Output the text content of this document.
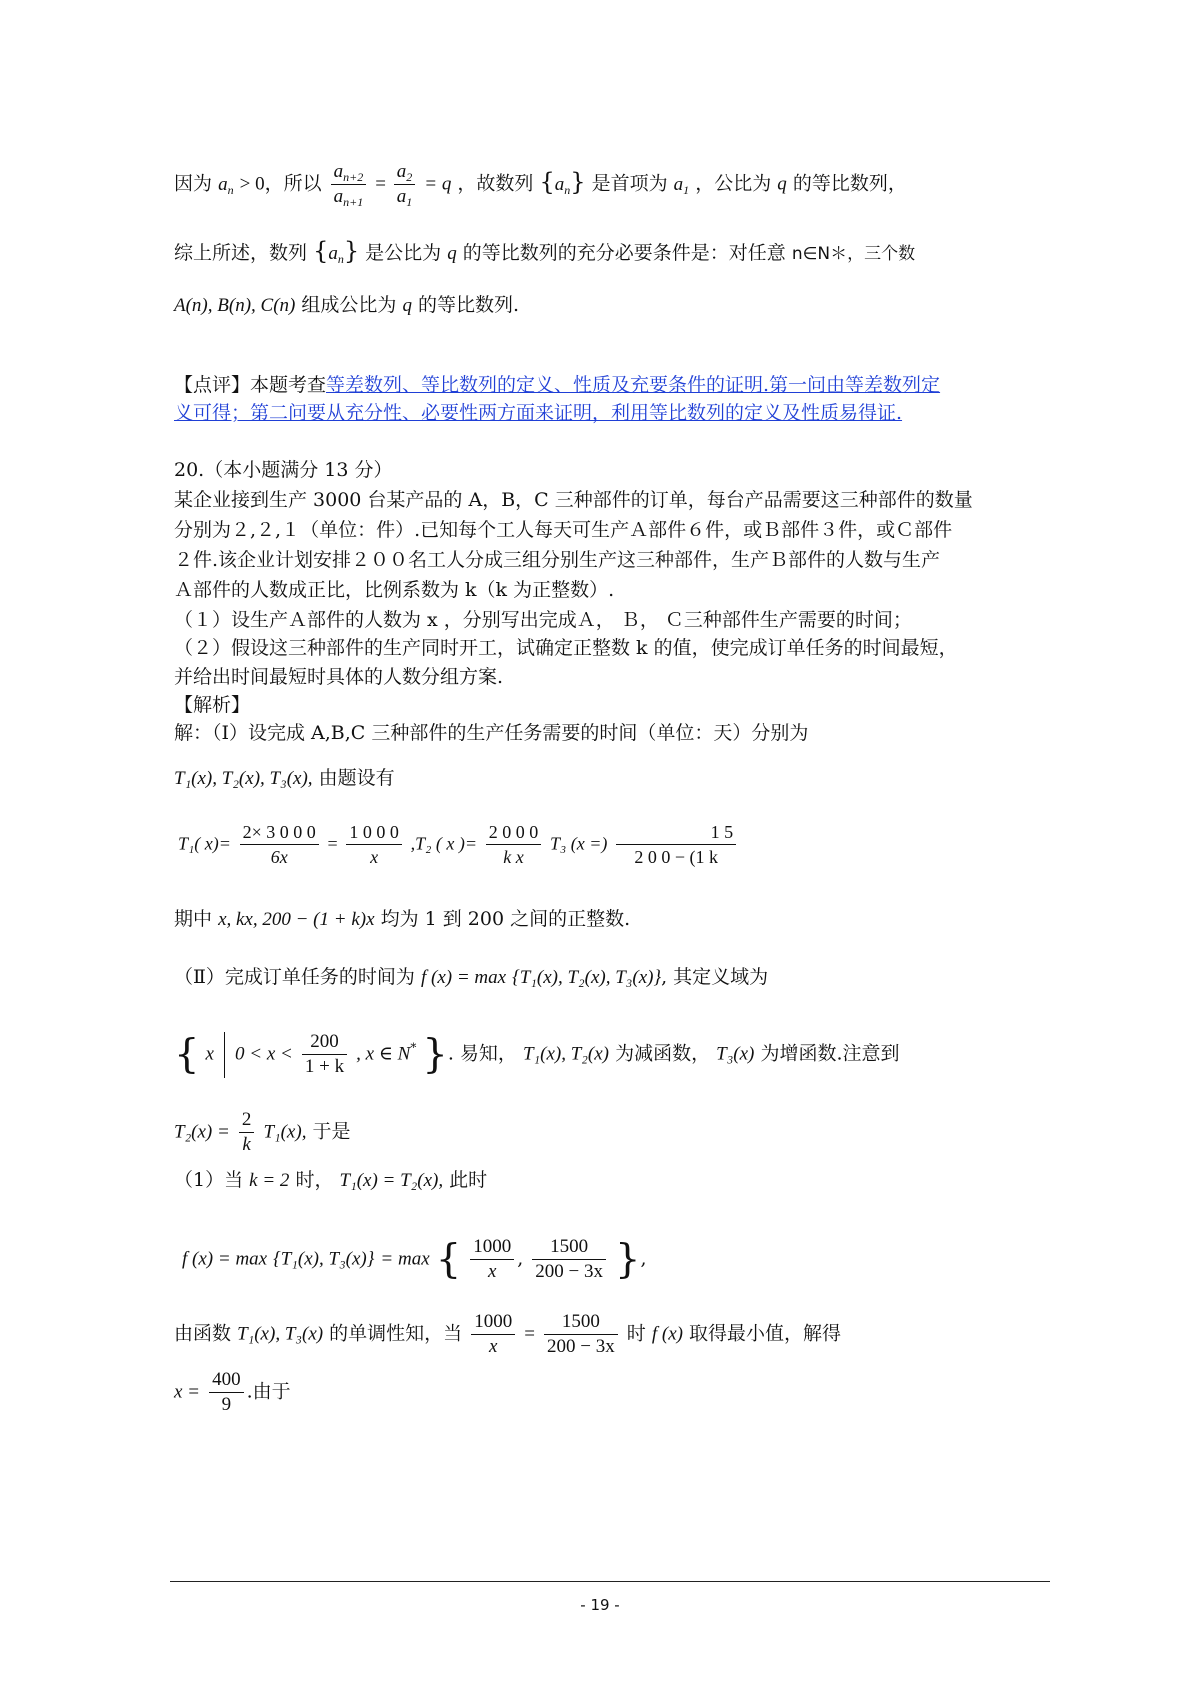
因为 $a_n > 0$，所以 $\frac{a_{n+2}}{a_{n+1}} = \frac{a_2}{a_1} = q$ ，故数列 $\{a_n\}$ 是首项为 $a_1$ ，公比为 q 的等比数列，
综上所述，数列 $\{a_n\}$ 是公比为 q 的等比数列的充分必要条件是：对任意 n∈N＊，三个数
A(n), B(n), C(n) 组成公比为 q 的等比数列.
【点评】本题考查等差数列、等比数列的定义、性质及充要条件的证明.第一问由等差数列定
义可得；第二问要从充分性、必要性两方面来证明，利用等比数列的定义及性质易得证.
20.（本小题满分 13 分）
某企业接到生产 3000 台某产品的 A，B，C 三种部件的订单，每台产品需要这三种部件的数量
分别为２,２,１（单位：件）.已知每个工人每天可生产Ａ部件６件，或Ｂ部件３件，或Ｃ部件
２件.该企业计划安排２００名工人分成三组分别生产这三种部件，生产Ｂ部件的人数与生产
Ａ部件的人数成正比，比例系数为 k（k 为正整数）.
（１）设生产Ａ部件的人数为 x ，分别写出完成Ａ， Ｂ， Ｃ三种部件生产需要的时间；
（２）假设这三种部件的生产同时开工，试确定正整数 k 的值，使完成订单任务的时间最短，
并给出时间最短时具体的人数分组方案.
【解析】
解：（Ⅰ）设完成 A,B,C 三种部件的生产任务需要的时间（单位：天）分别为
T₁(x), T₂(x), T₃(x), 由题设有
T₁( $x)= \frac{2\times 3 0 0 0}{6x} = \frac{1 0 0 0}{x} ,T_2$ ( x )= $\frac{2 0 0 0}{\text{k x}} T_3$ (x =) $\frac{1 5}{2 0 0 - (1 k}$
期中 x, kx, 200 − (1 + k)x 均为 1 到 200 之间的正整数.
（Ⅱ）完成订单任务的时间为 f (x) = max {T₁(x), T₂(x), T₃(x)}, 其定义域为
{ x $0 < x < \frac{200}{1 + k}$ , x ∈ N* }. 易知， T₁(x), T₂(x) 为减函数， T₃(x) 为增函数.注意到
$T_2(x) = \frac{2}{k} T_1(x)$, 于是
（1）当 k = 2 时， T₁(x) = T₂(x), 此时
f (x) = max {T₁(x), T₃(x)} = max { $\frac{1000}{x}$ , $\frac{1500}{200 - 3x}$ },
由函数 T₁(x), T₃(x) 的单调性知，当 $\frac{1000}{x} = \frac{1500}{200 - 3x}$ 时 f (x) 取得最小值，解得
$x = \frac{400}{9}$ .由于
- 19 -
